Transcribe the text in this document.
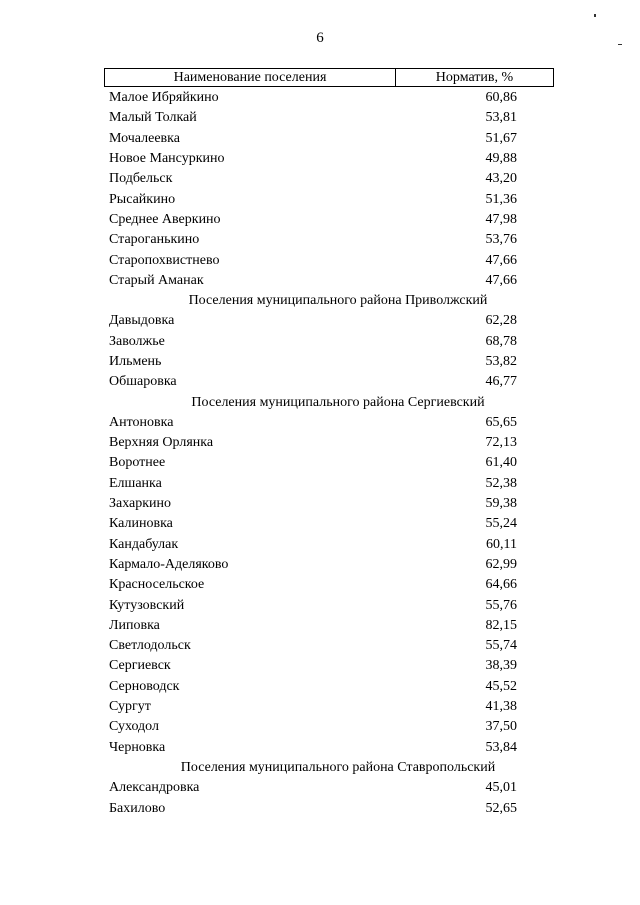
6
Наименование поселения	Норматив, %
Малое Ибряйкино	60,86
Малый Толкай	53,81
Мочалеевка	51,67
Новое Мансуркино	49,88
Подбельск	43,20
Рысайкино	51,36
Среднее Аверкино	47,98
Староганькино	53,76
Старопохвистнево	47,66
Старый Аманак	47,66
Поселения муниципального района Приволжский
Давыдовка	62,28
Заволжье	68,78
Ильмень	53,82
Обшаровка	46,77
Поселения муниципального района Сергиевский
Антоновка	65,65
Верхняя Орлянка	72,13
Воротнее	61,40
Елшанка	52,38
Захаркино	59,38
Калиновка	55,24
Кандабулак	60,11
Кармало-Аделяково	62,99
Красносельское	64,66
Кутузовский	55,76
Липовка	82,15
Светлодольск	55,74
Сергиевск	38,39
Серноводск	45,52
Сургут	41,38
Суходол	37,50
Черновка	53,84
Поселения муниципального района Ставропольский
Александровка	45,01
Бахилово	52,65
